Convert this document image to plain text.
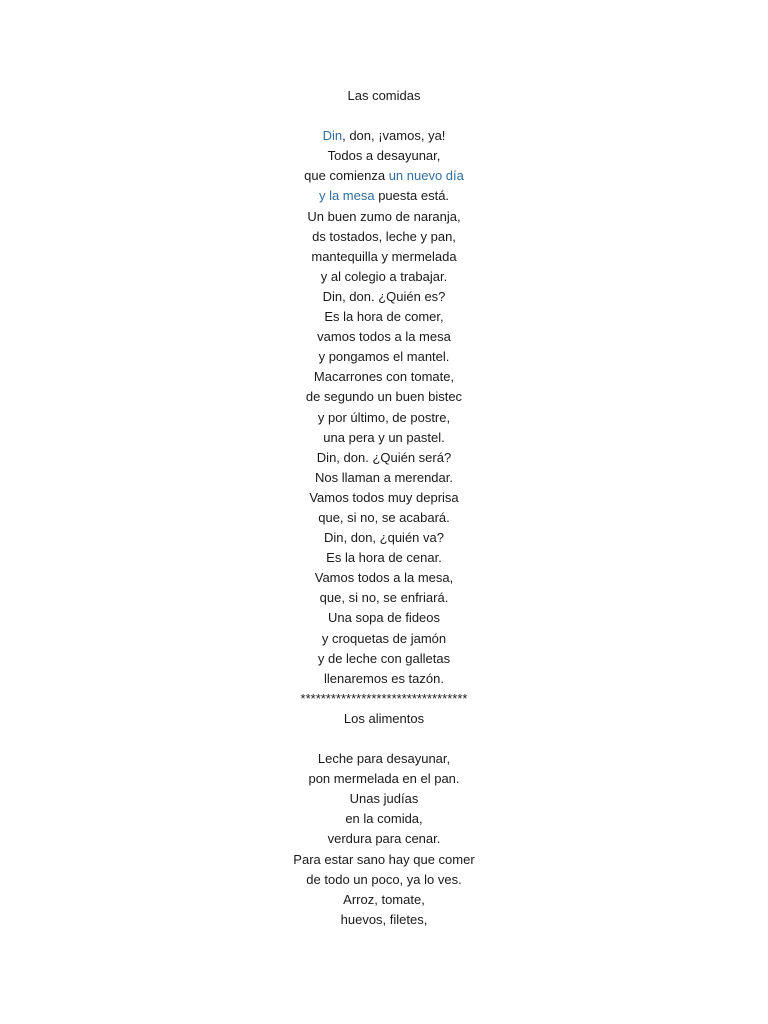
Las comidas
Din, don, ¡vamos, ya!
Todos a desayunar,
que comienza un nuevo día
y la mesa puesta está.
Un buen zumo de naranja,
ds tostados, leche y pan,
mantequilla y mermelada
y al colegio a trabajar.
Din, don. ¿Quién es?
Es la hora de comer,
vamos todos a la mesa
y pongamos el mantel.
Macarrones con tomate,
de segundo un buen bistec
y por último, de postre,
una pera y un pastel.
Din, don. ¿Quién será?
Nos llaman a merendar.
Vamos todos muy deprisa
que, si no, se acabará.
Din, don, ¿quién va?
Es la hora de cenar.
Vamos todos a la mesa,
que, si no, se enfriará.
Una sopa de fideos
y croquetas de jamón
y de leche con galletas
llenaremos es tazón.
*********************************
Los alimentos
Leche para desayunar,
pon mermelada en el pan.
Unas judías
en la comida,
verdura para cenar.
Para estar sano hay que comer
de todo un poco, ya lo ves.
Arroz, tomate,
huevos, filetes,
